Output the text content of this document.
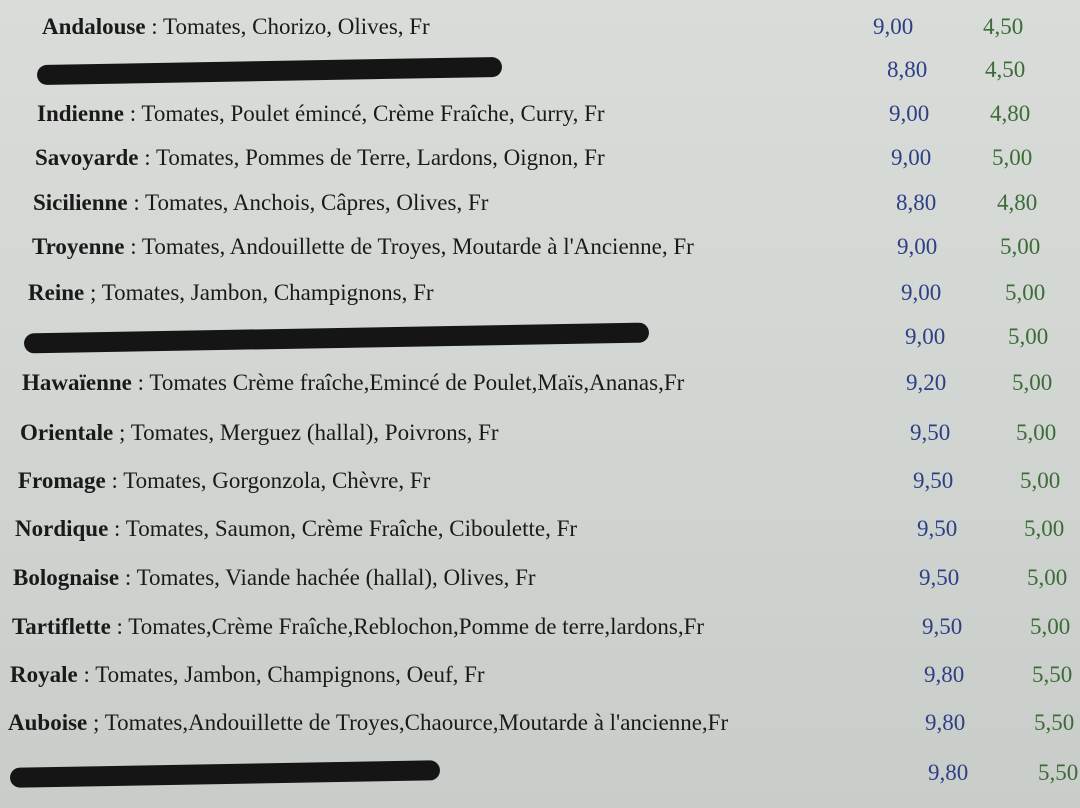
Andalouse : Tomates, Chorizo, Olives, Fr	9,00	4,50
8,80	4,50
Indienne : Tomates, Poulet émincé, Crème Fraîche, Curry, Fr	9,00	4,80
Savoyarde : Tomates, Pommes de Terre, Lardons, Oignon, Fr	9,00	5,00
Sicilienne : Tomates, Anchois, Câpres, Olives, Fr	8,80	4,80
Troyenne : Tomates, Andouillette de Troyes, Moutarde à l'Ancienne, Fr	9,00	5,00
Reine ; Tomates, Jambon, Champignons, Fr	9,00	5,00
9,00	5,00
Hawaïenne : Tomates Crème fraîche,Emincé de Poulet,Maïs,Ananas,Fr	9,20	5,00
Orientale ; Tomates, Merguez (hallal), Poivrons, Fr	9,50	5,00
Fromage : Tomates, Gorgonzola, Chèvre, Fr	9,50	5,00
Nordique : Tomates, Saumon, Crème Fraîche, Ciboulette, Fr	9,50	5,00
Bolognaise : Tomates, Viande hachée (hallal), Olives, Fr	9,50	5,00
Tartiflette : Tomates,Crème Fraîche,Reblochon,Pomme de terre,lardons,Fr	9,50	5,00
Royale : Tomates, Jambon, Champignons, Oeuf, Fr	9,80	5,50
Auboise ; Tomates,Andouillette de Troyes,Chaource,Moutarde à l'ancienne,Fr	9,80	5,50
9,80	5,50
